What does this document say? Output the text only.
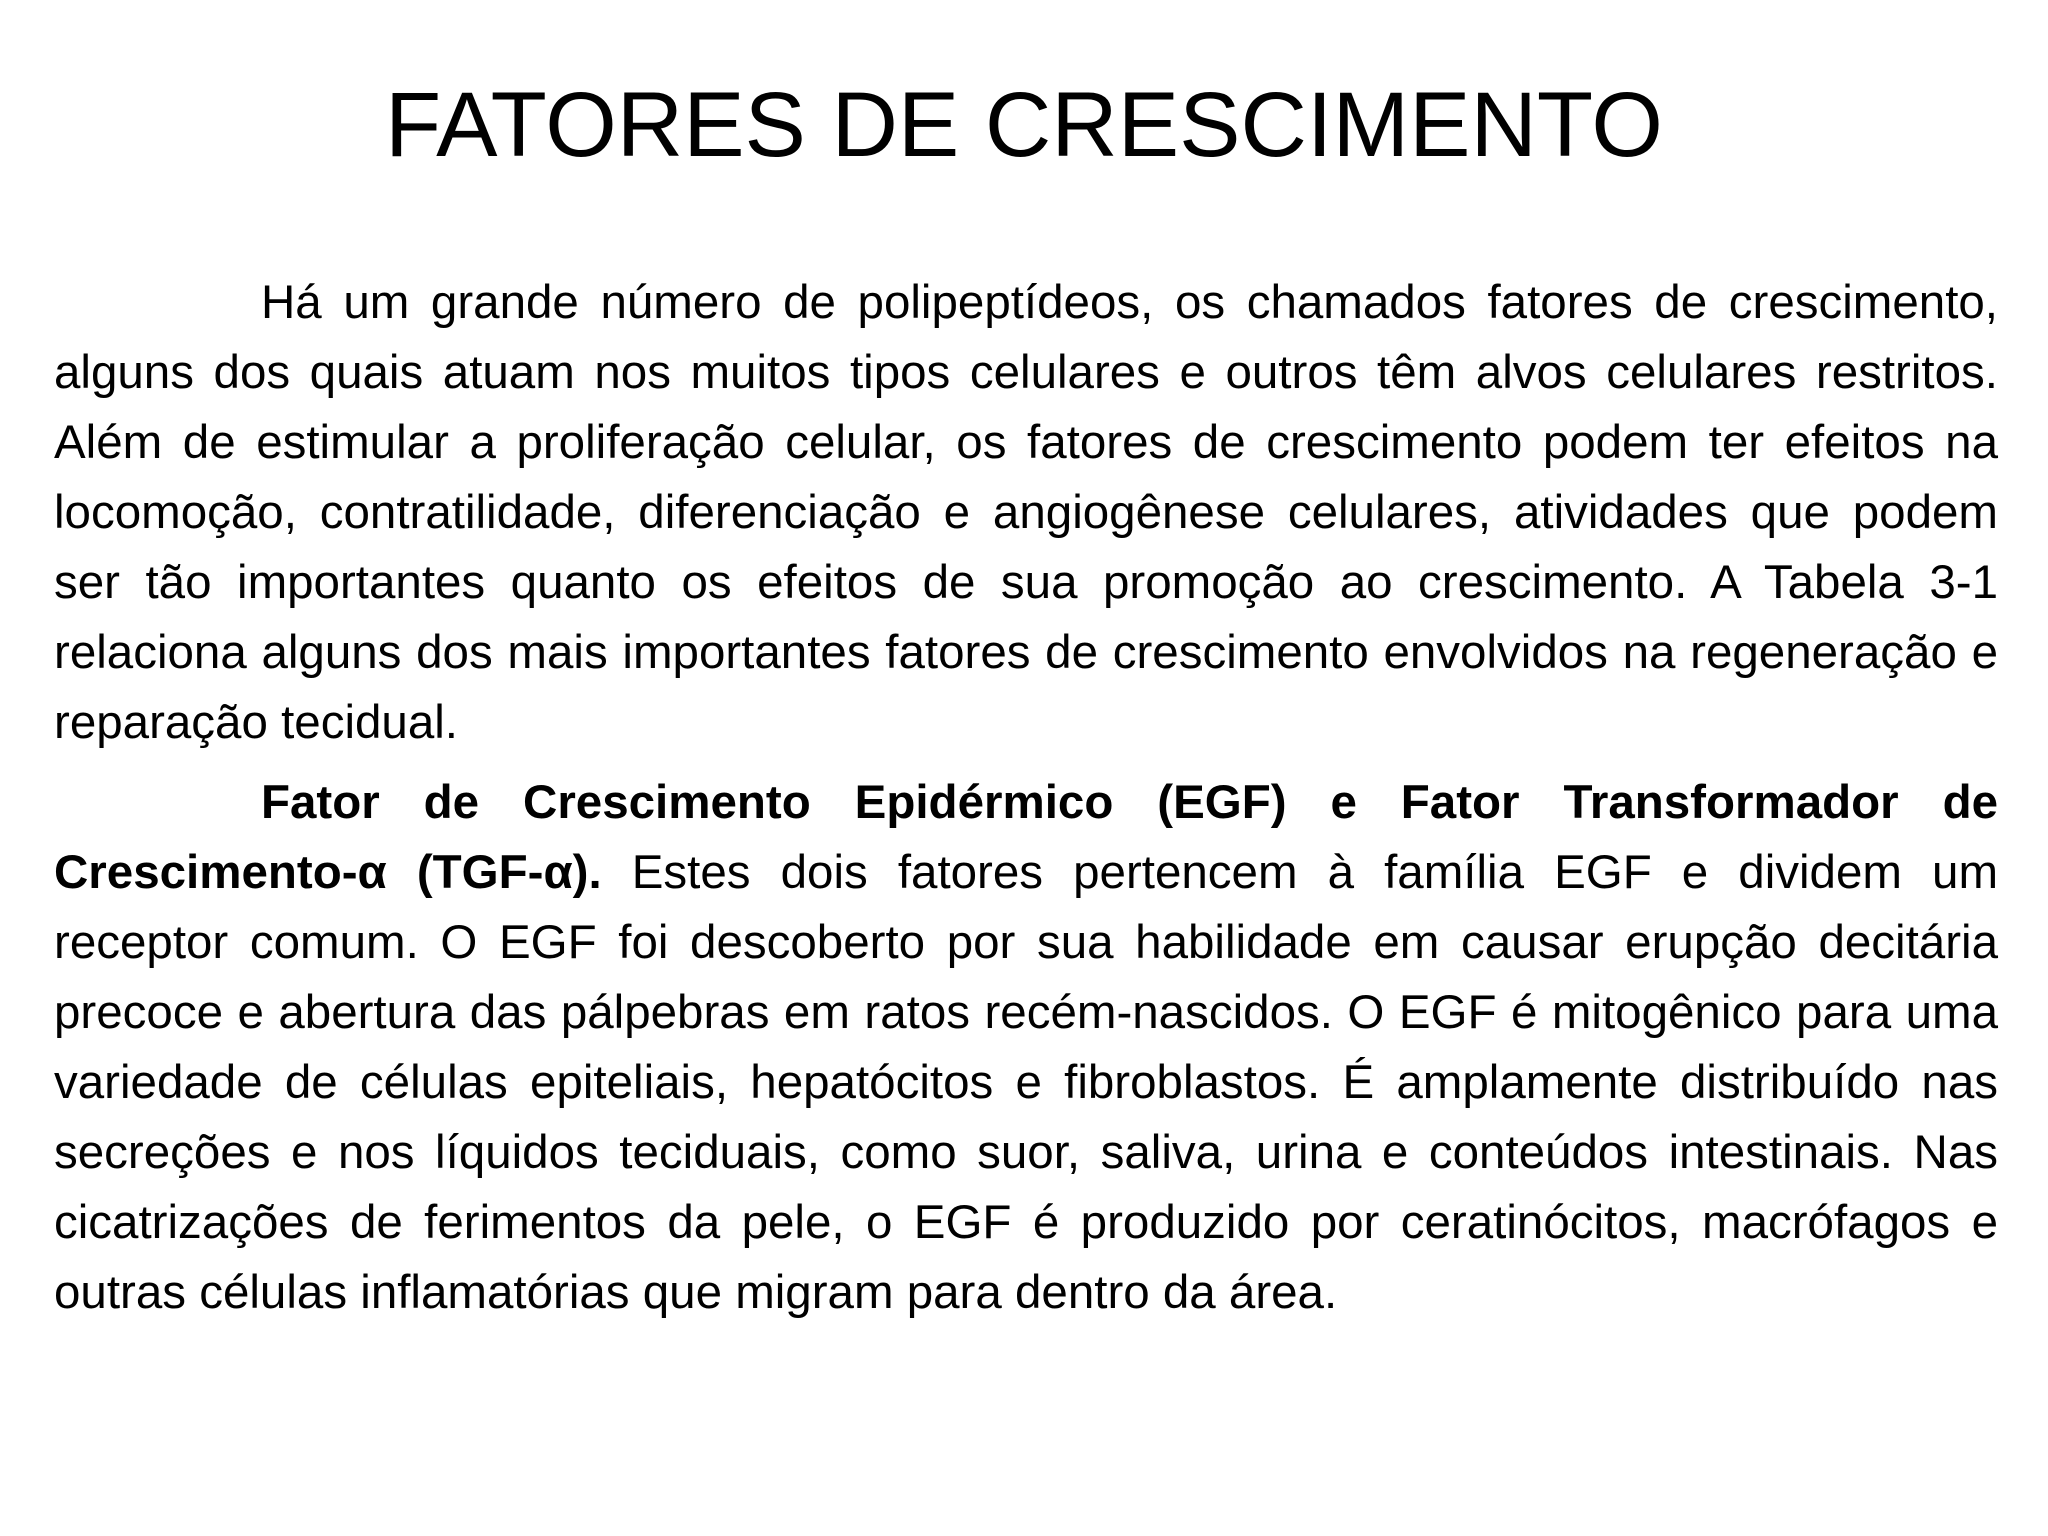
FATORES DE CRESCIMENTO

Há um grande número de polipeptídeos, os chamados fatores de crescimento, alguns dos quais atuam nos muitos tipos celulares e outros têm alvos celulares restritos. Além de estimular a proliferação celular, os fatores de crescimento podem ter efeitos na locomoção, contratilidade, diferenciação e angiogênese celulares, atividades que podem ser tão importantes quanto os efeitos de sua promoção ao crescimento. A Tabela 3-1 relaciona alguns dos mais importantes fatores de crescimento envolvidos na regeneração e reparação tecidual.

Fator de Crescimento Epidérmico (EGF) e Fator Transformador de Crescimento-α (TGF-α). Estes dois fatores pertencem à família EGF e dividem um receptor comum. O EGF foi descoberto por sua habilidade em causar erupção decitária precoce e abertura das pálpebras em ratos recém-nascidos. O EGF é mitogênico para uma variedade de células epiteliais, hepatócitos e fibroblastos. É amplamente distribuído nas secreções e nos líquidos teciduais, como suor, saliva, urina e conteúdos intestinais. Nas cicatrizações de ferimentos da pele, o EGF é produzido por ceratinócitos, macrófagos e outras células inflamatórias que migram para dentro da área.
